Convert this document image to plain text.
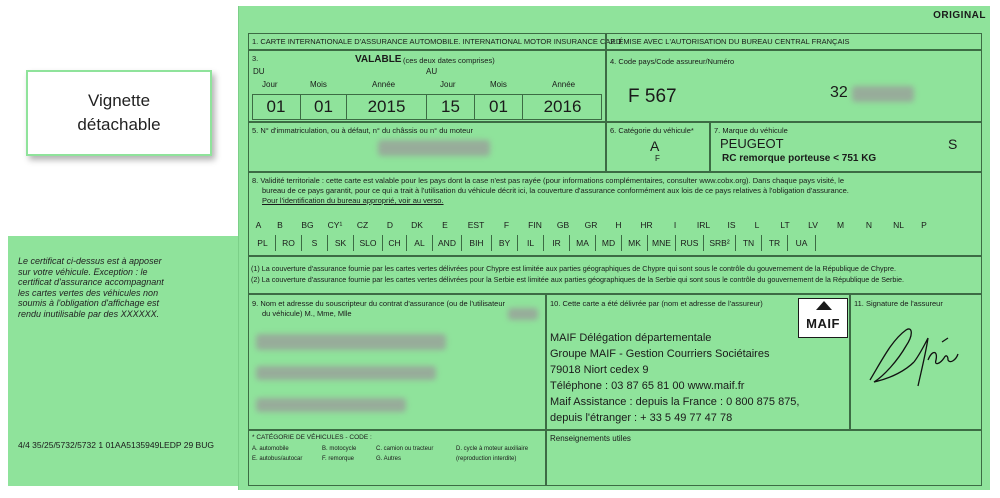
Vignette
détachable
Le certificat ci-dessus est à apposer sur votre véhicule. Exception : le certificat d'assurance accompagnant les cartes vertes des véhicules non soumis à l'obligation d'affichage est rendu inutilisable par des XXXXXX.
4/4 35/25/5732/5732 1 01AA5135949LEDP 29 BUG
ORIGINAL
1. CARTE INTERNATIONALE D'ASSURANCE AUTOMOBILE. INTERNATIONAL MOTOR INSURANCE CARD
2. ÉMISE AVEC L'AUTORISATION DU BUREAU CENTRAL FRANÇAIS
3.	VALABLE (ces deux dates comprises)
DU	AU
Jour	Mois	Année	Jour	Mois	Année
01	01	2015	15	01	2016
4. Code pays/Code assureur/Numéro
F 567	32
5. N° d'immatriculation, ou à défaut, n° du châssis ou n° du moteur	6. Catégorie du véhicule*
A
F
7. Marque du véhicule
PEUGEOT	S
RC remorque porteuse < 751 KG
8. Validité territoriale : cette carte est valable pour les pays dont la case n'est pas rayée (pour informations complémentaires, consulter www.cobx.org). Dans chaque pays visité, le
bureau de ce pays garantit, pour ce qui a trait à l'utilisation du véhicule décrit ici, la couverture d'assurance conformément aux lois de ce pays relatives à l'obligation d'assurance.
Pour l'identification du bureau approprié, voir au verso.
A	B	BG	CY¹	CZ	D	DK	E	EST	F	FIN	GB	GR	H	HR	I	IRL	IS	L	LT	LV	M	N	NL	P
PL	RO	S	SK	SLO	CH	AL	AND	BIH	BY	IL	IR	MA	MD	MK	MNE	RUS	SRB²	TN	TR	UA
(1) La couverture d'assurance fournie par les cartes vertes délivrées pour Chypre est limitée aux parties géographiques de Chypre qui sont sous le contrôle du gouvernement de la République de Chypre.
(2) La couverture d'assurance fournie par les cartes vertes délivrées pour la Serbie est limitée aux parties géographiques de la Serbie qui sont sous le contrôle du gouvernement de la République de Serbie.
9. Nom et adresse du souscripteur du contrat d'assurance (ou de l'utilisateur
du véhicule) M., Mme, Mlle
10. Cette carte a été délivrée par (nom et adresse de l'assureur)
MAIF
MAIF Délégation départementale
Groupe MAIF - Gestion Courriers Sociétaires
79018 Niort cedex 9
Téléphone : 03 87 65 81 00 www.maif.fr
Maif Assistance : depuis la France : 0 800 875 875,
depuis l'étranger : + 33 5 49 77 47 78
11. Signature de l'assureur
* CATÉGORIE DE VÉHICULES - CODE :
A. automobile	B. motocycle	C. camion ou tracteur	D. cycle à moteur auxiliaire
E. autobus/autocar	F. remorque	G. Autres	(reproduction interdite)
Renseignements utiles
